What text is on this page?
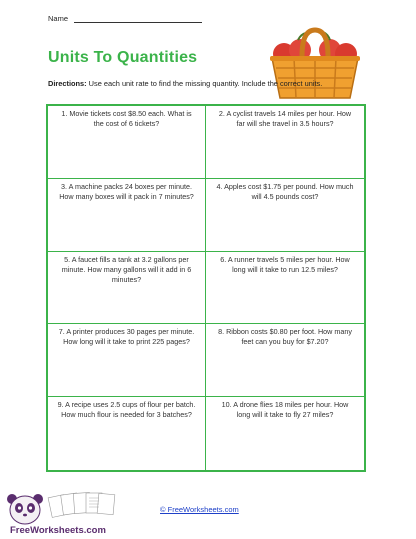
Name
Units To Quantities
Directions: Use each unit rate to find the missing quantity. Include the correct units.
1. Movie tickets cost $8.50 each. What is the cost of 6 tickets?
2. A cyclist travels 14 miles per hour. How far will she travel in 3.5 hours?
3. A machine packs 24 boxes per minute. How many boxes will it pack in 7 minutes?
4. Apples cost $1.75 per pound. How much will 4.5 pounds cost?
5. A faucet fills a tank at 3.2 gallons per minute. How many gallons will it add in 6 minutes?
6. A runner travels 5 miles per hour. How long will it take to run 12.5 miles?
7. A printer produces 30 pages per minute. How long will it take to print 225 pages?
8. Ribbon costs $0.80 per foot. How many feet can you buy for $7.20?
9. A recipe uses 2.5 cups of flour per batch. How much flour is needed for 3 batches?
10. A drone flies 18 miles per hour. How long will it take to fly 27 miles?
FreeWorksheets.com
© FreeWorksheets.com
